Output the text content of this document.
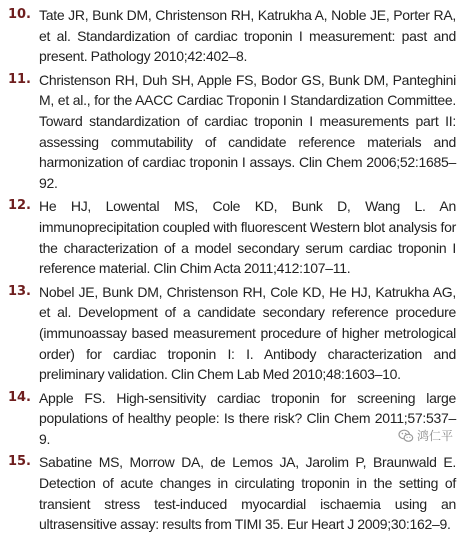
10. Tate JR, Bunk DM, Christenson RH, Katrukha A, Noble JE, Porter RA, et al. Standardization of cardiac troponin I measurement: past and present. Pathology 2010;42:402–8.
11. Christenson RH, Duh SH, Apple FS, Bodor GS, Bunk DM, Panteghini M, et al., for the AACC Cardiac Troponin I Standardization Committee. Toward standardization of cardiac troponin I measurements part II: assessing commutability of candidate reference materials and harmonization of cardiac troponin I assays. Clin Chem 2006;52:1685–92.
12. He HJ, Lowental MS, Cole KD, Bunk D, Wang L. An immunoprecipitation coupled with fluorescent Western blot analysis for the characterization of a model secondary serum cardiac troponin I reference material. Clin Chim Acta 2011;412:107–11.
13. Nobel JE, Bunk DM, Christenson RH, Cole KD, He HJ, Katrukha AG, et al. Development of a candidate secondary reference procedure (immunoassay based measurement procedure of higher metrological order) for cardiac troponin I: I. Antibody characterization and preliminary validation. Clin Chem Lab Med 2010;48:1603–10.
14. Apple FS. High-sensitivity cardiac troponin for screening large populations of healthy people: Is there risk? Clin Chem 2011;57:537–9.
15. Sabatine MS, Morrow DA, de Lemos JA, Jarolim P, Braunwald E. Detection of acute changes in circulating troponin in the setting of transient stress test-induced myocardial ischaemia using an ultrasensitive assay: results from TIMI 35. Eur Heart J 2009;30:162–9.
鸿仁平
